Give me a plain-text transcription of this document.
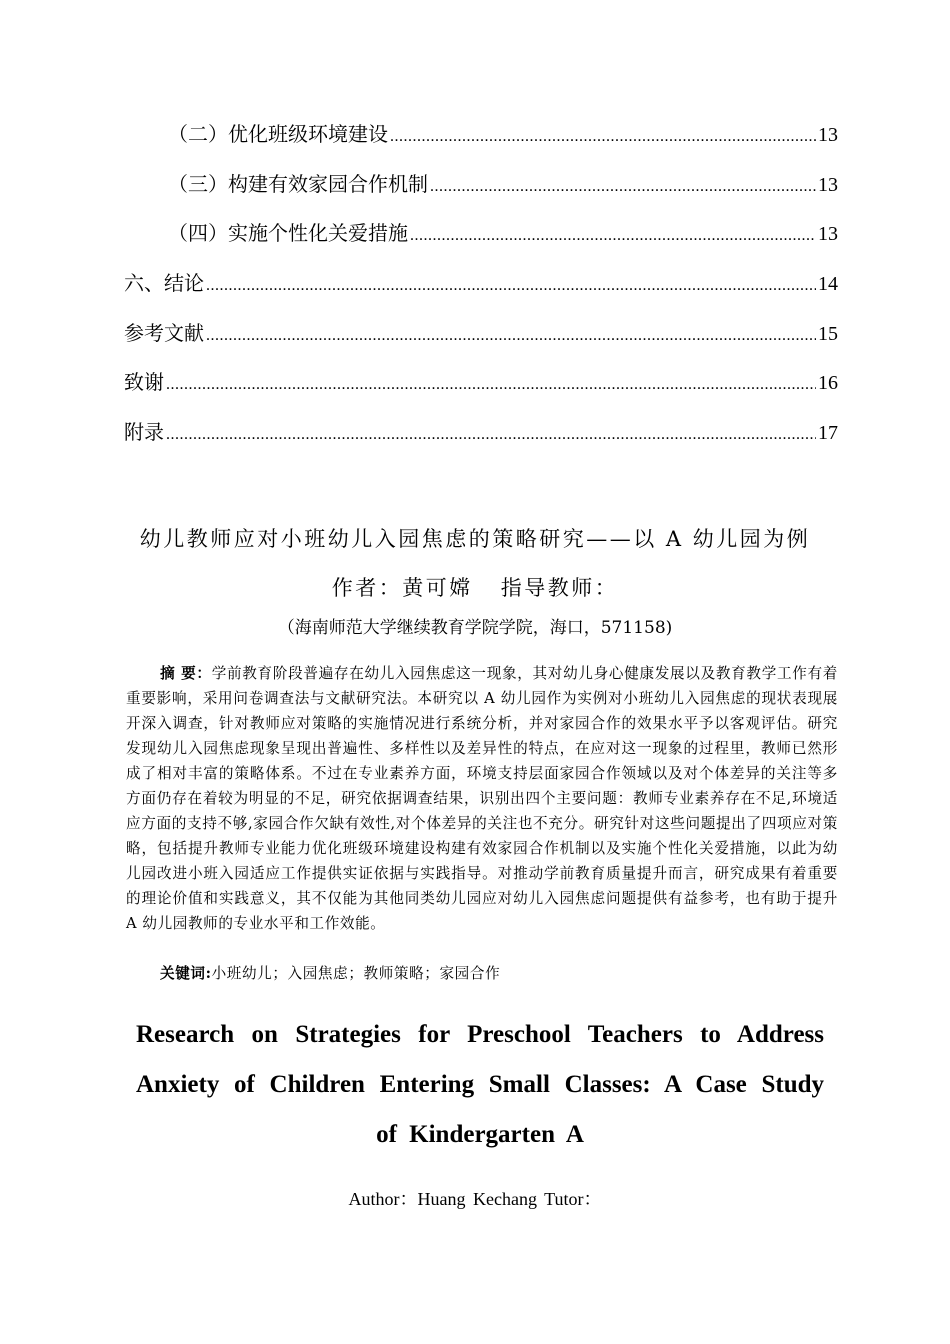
（二）优化班级环境建设 .....	13
（三）构建有效家园合作机制 .....	13
（四）实施个性化关爱措施 .....	13
六、结论 .....	14
参考文献 .....	15
致谢 .....	16
附录 .....	17
幼儿教师应对小班幼儿入园焦虑的策略研究——以 A 幼儿园为例
作者：黄可嫦 指导教师：
（海南师范大学继续教育学院学院，海口，571158)
摘 要：学前教育阶段普遍存在幼儿入园焦虑这一现象，其对幼儿身心健康发展以及教育教学工作有着重要影响，采用问卷调查法与文献研究法。本研究以 A 幼儿园作为实例对小班幼儿入园焦虑的现状表现展开深入调查，针对教师应对策略的实施情况进行系统分析，并对家园合作的效果水平予以客观评估。研究发现幼儿入园焦虑现象呈现出普遍性、多样性以及差异性的特点，在应对这一现象的过程里，教师已然形成了相对丰富的策略体系。不过在专业素养方面，环境支持层面家园合作领域以及对个体差异的关注等多方面仍存在着较为明显的不足，研究依据调查结果，识别出四个主要问题：教师专业素养存在不足,环境适应方面的支持不够,家园合作欠缺有效性,对个体差异的关注也不充分。研究针对这些问题提出了四项应对策略，包括提升教师专业能力优化班级环境建设构建有效家园合作机制以及实施个性化关爱措施，以此为幼儿园改进小班入园适应工作提供实证依据与实践指导。对推动学前教育质量提升而言，研究成果有着重要的理论价值和实践意义，其不仅能为其他同类幼儿园应对幼儿入园焦虑问题提供有益参考，也有助于提升 A 幼儿园教师的专业水平和工作效能。
关键词:小班幼儿；入园焦虑；教师策略；家园合作
Research on Strategies for Preschool Teachers to Address
Anxiety of Children Entering Small Classes: A Case Study
of Kindergarten A
Author：Huang Kechang Tutor：
